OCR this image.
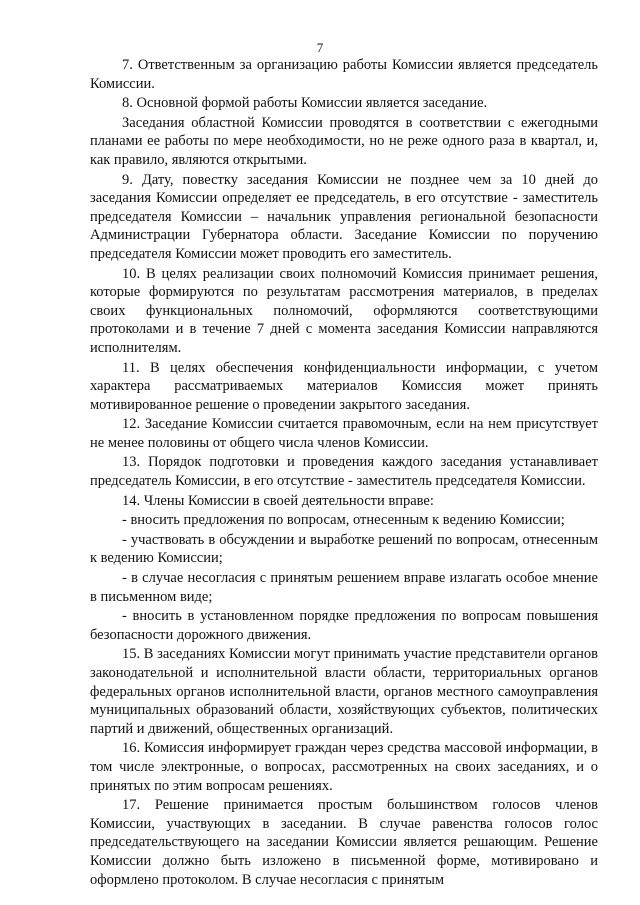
7

7. Ответственным за организацию работы Комиссии является председатель Комиссии.

8. Основной формой работы Комиссии является заседание.

Заседания областной Комиссии проводятся в соответствии с ежегодными планами ее работы по мере необходимости, но не реже одного раза в квартал, и, как правило, являются открытыми.

9. Дату, повестку заседания Комиссии не позднее чем за 10 дней до заседания Комиссии определяет ее председатель, в его отсутствие - заместитель председателя Комиссии – начальник управления региональной безопасности Администрации Губернатора области. Заседание Комиссии по поручению председателя Комиссии может проводить его заместитель.

10. В целях реализации своих полномочий Комиссия принимает решения, которые формируются по результатам рассмотрения материалов, в пределах своих функциональных полномочий, оформляются соответствующими протоколами и в течение 7 дней с момента заседания Комиссии направляются исполнителям.

11. В целях обеспечения конфиденциальности информации, с учетом характера рассматриваемых материалов Комиссия может принять мотивированное решение о проведении закрытого заседания.

12. Заседание Комиссии считается правомочным, если на нем присутствует не менее половины от общего числа членов Комиссии.

13. Порядок подготовки и проведения каждого заседания устанавливает председатель Комиссии, в его отсутствие - заместитель председателя Комиссии.

14. Члены Комиссии в своей деятельности вправе:

- вносить предложения по вопросам, отнесенным к ведению Комиссии;

- участвовать в обсуждении и выработке решений по вопросам, отнесенным к ведению Комиссии;

- в случае несогласия с принятым решением вправе излагать особое мнение в письменном виде;

- вносить в установленном порядке предложения по вопросам повышения безопасности дорожного движения.

15. В заседаниях Комиссии могут принимать участие представители органов законодательной и исполнительной власти области, территориальных органов федеральных органов исполнительной власти, органов местного самоуправления муниципальных образований области, хозяйствующих субъектов, политических партий и движений, общественных организаций.

16. Комиссия информирует граждан через средства массовой информации, в том числе электронные, о вопросах, рассмотренных на своих заседаниях, и о принятых по этим вопросам решениях.

17. Решение принимается простым большинством голосов членов Комиссии, участвующих в заседании. В случае равенства голосов голос председательствующего на заседании Комиссии является решающим. Решение Комиссии должно быть изложено в письменной форме, мотивировано и оформлено протоколом. В случае несогласия с принятым
